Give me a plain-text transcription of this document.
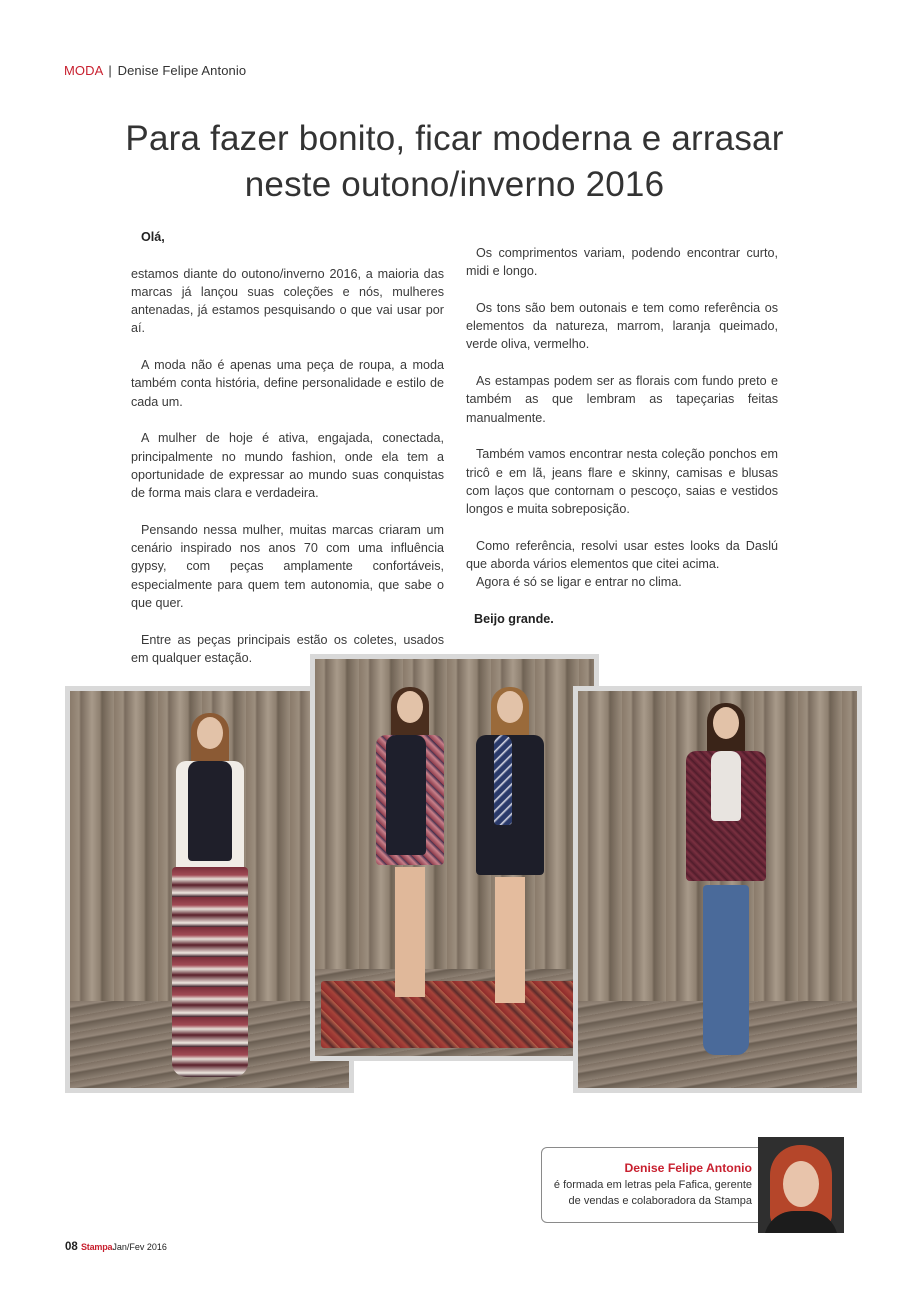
MODA | Denise Felipe Antonio
Para fazer bonito, ficar moderna e arrasar
neste outono/inverno 2016

Olá,

estamos diante do outono/inverno 2016, a maioria das marcas já lançou suas coleções e nós, mulheres antenadas, já estamos pesquisando o que vai usar por aí.

A moda não é apenas uma peça de roupa, a moda também conta história, define personalidade e estilo de cada um.

A mulher de hoje é ativa, engajada, conectada, principalmente no mundo fashion, onde ela tem a oportunidade de expressar ao mundo suas conquistas de forma mais clara e verdadeira.

Pensando nessa mulher, muitas marcas criaram um cenário inspirado nos anos 70 com uma influência gypsy, com peças amplamente confortáveis, especialmente para quem tem autonomia, que sabe o que quer.

Entre as peças principais estão os coletes, usados em qualquer estação.

Os comprimentos variam, podendo encontrar curto, midi e longo.

Os tons são bem outonais e tem como referência os elementos da natureza, marrom, laranja queimado, verde oliva, vermelho.

As estampas podem ser as florais com fundo preto e também as que lembram as tapeçarias feitas manualmente.

Também vamos encontrar nesta coleção ponchos em tricô e em lã, jeans flare e skinny, camisas e blusas com laços que contornam o pescoço, saias e vestidos longos e muita sobreposição.

Como referência, resolvi usar estes looks da Daslú que aborda vários elementos que citei acima.

Agora é só se ligar e entrar no clima.

Beijo grande.

Denise Felipe Antonio
é formada em letras pela Fafica, gerente
de vendas e colaboradora da Stampa
08 StampaJan/Fev 2016
